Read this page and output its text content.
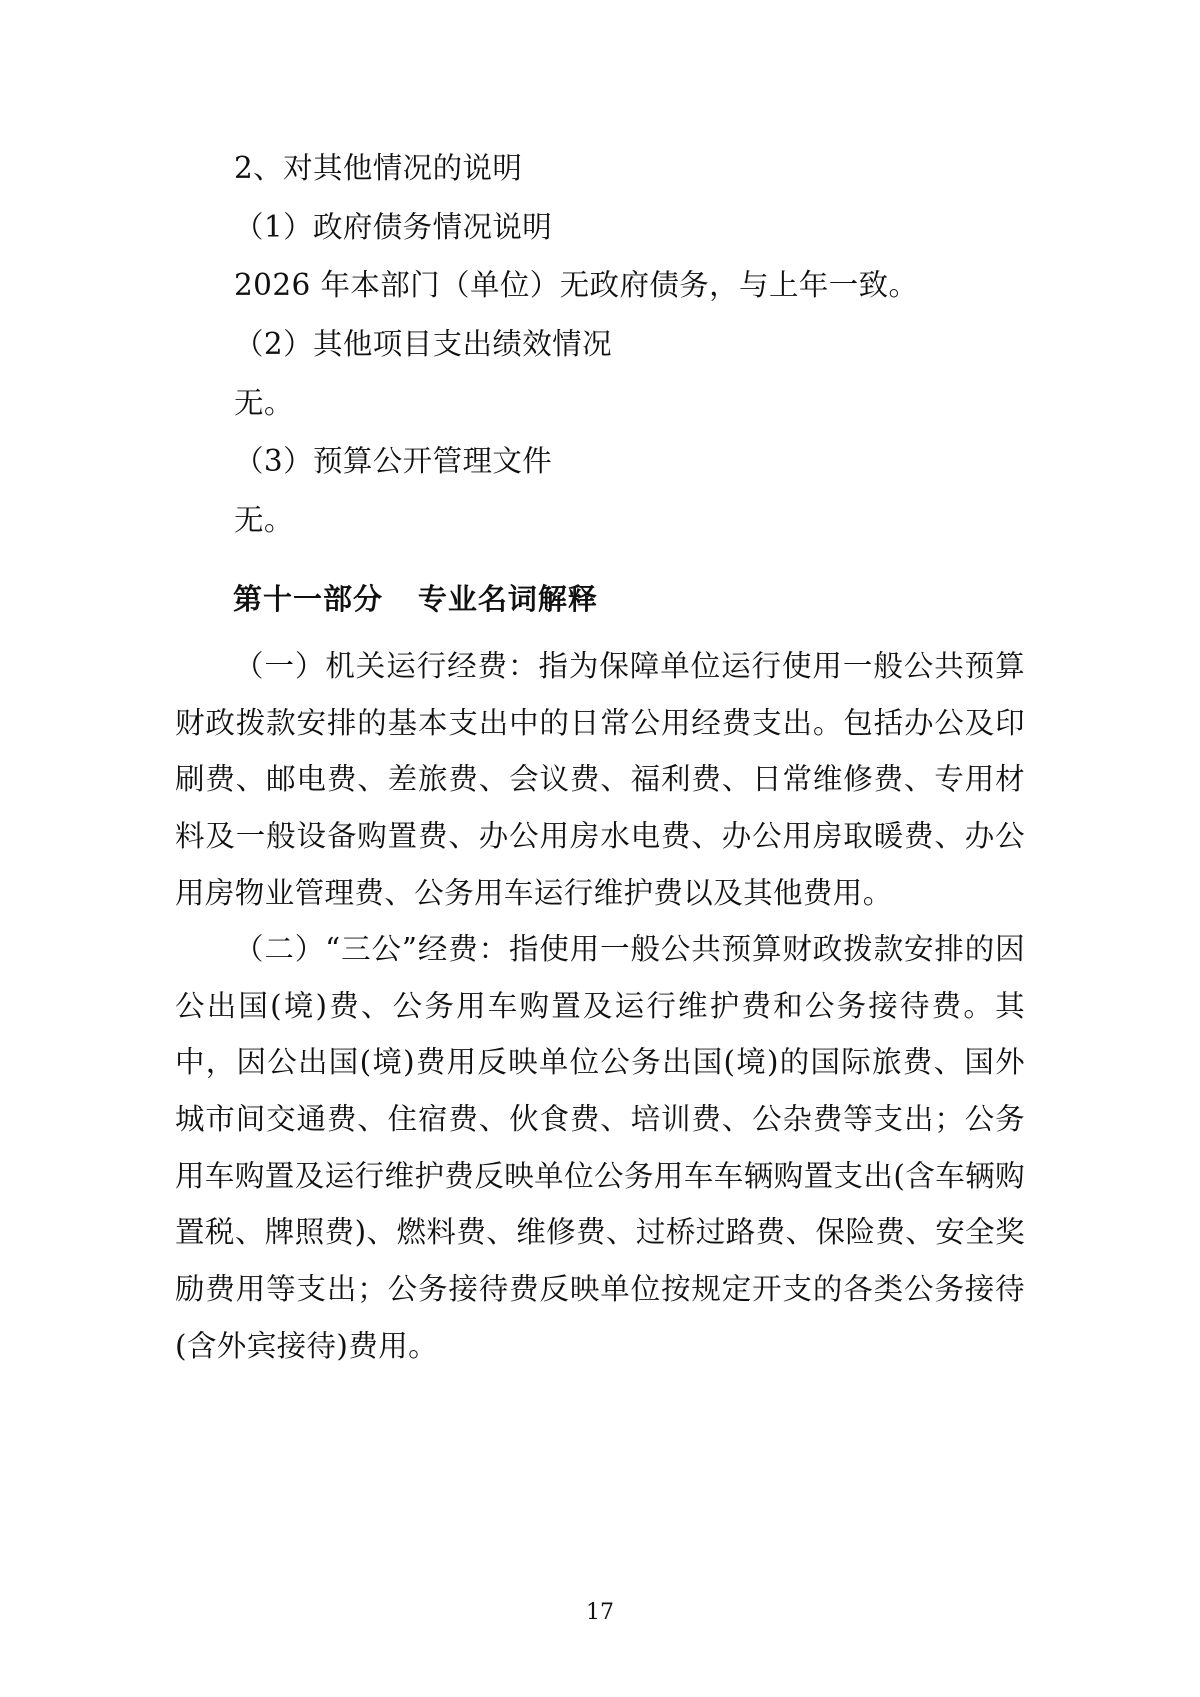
2、对其他情况的说明

（1）政府债务情况说明

2026 年本部门（单位）无政府债务，与上年一致。

（2）其他项目支出绩效情况

无。

（3）预算公开管理文件

无。

第十一部分 专业名词解释

（一）机关运行经费：指为保障单位运行使用一般公共预算财政拨款安排的基本支出中的日常公用经费支出。包括办公及印刷费、邮电费、差旅费、会议费、福利费、日常维修费、专用材料及一般设备购置费、办公用房水电费、办公用房取暖费、办公用房物业管理费、公务用车运行维护费以及其他费用。

（二）“三公”经费：指使用一般公共预算财政拨款安排的因公出国(境)费、公务用车购置及运行维护费和公务接待费。其中，因公出国(境)费用反映单位公务出国(境)的国际旅费、国外城市间交通费、住宿费、伙食费、培训费、公杂费等支出；公务用车购置及运行维护费反映单位公务用车车辆购置支出(含车辆购置税、牌照费)、燃料费、维修费、过桥过路费、保险费、安全奖励费用等支出；公务接待费反映单位按规定开支的各类公务接待(含外宾接待)费用。

17
